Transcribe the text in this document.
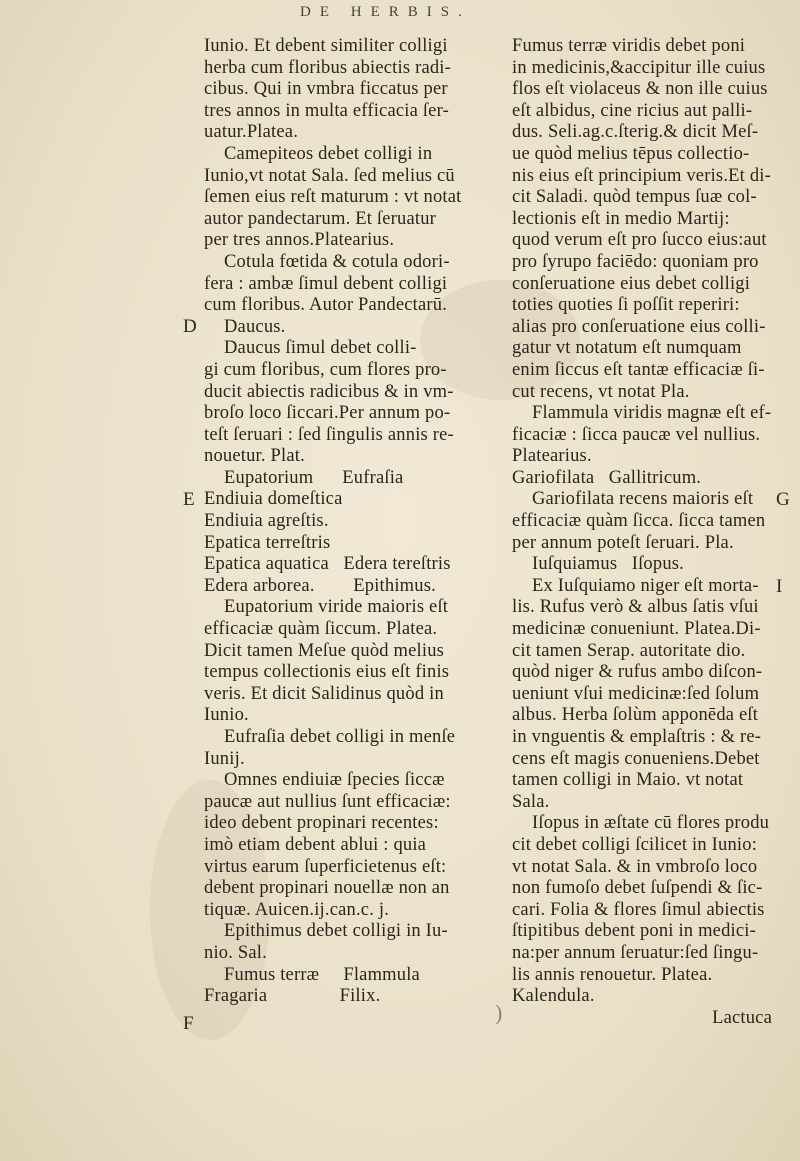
)
DE HERBIS.
D
E
F
G
I
Iunio. Et debent similiter colligi
herba cum floribus abiectis radi-
cibus. Qui in vmbra ficcatus per
tres annos in multa efficacia ſer-
uatur.Platea.
Camepiteos debet colligi in
Iunio,vt notat Sala. ſed melius cū
ſemen eius reſt maturum : vt notat
autor pandectarum. Et ſeruatur
per tres annos.Platearius.
Cotula fœtida & cotula odori-
fera : ambæ ſimul debent colligi
cum floribus. Autor Pandectarū.
Daucus.
Daucus ſimul debet colli-
gi cum floribus, cum flores pro-
ducit abiectis radicibus & in vm-
broſo loco ſiccari.Per annum po-
teſt ſeruari : ſed ſingulis annis re-
nouetur. Plat.
Eupatorium      Eufraſia
Endiuia domeſtica
Endiuia agreſtis.
Epatica terreſtris
Epatica aquatica   Edera tereſtris
Edera arborea.        Epithimus.
Eupatorium viride maioris eſt
efficaciæ quàm ſiccum. Platea.
Dicit tamen Meſue quòd melius
tempus collectionis eius eſt finis
veris. Et dicit Salidinus quòd in
Iunio.
Eufraſia debet colligi in menſe
Iunij.
Omnes endiuiæ ſpecies ſiccæ
paucæ aut nullius ſunt efficaciæ:
ideo debent propinari recentes:
imò etiam debent ablui : quia
virtus earum ſuperficietenus eſt:
debent propinari nouellæ non an
tiquæ. Auicen.ij.can.c. j.
Epithimus debet colligi in Iu-
nio. Sal.
Fumus terræ     Flammula
Fragaria               Filix.
Fumus terræ viridis debet poni
in medicinis,&accipitur ille cuius
flos eſt violaceus & non ille cuius
eſt albidus, cine ricius aut palli-
dus. Seli.ag.c.ſterig.& dicit Meſ-
ue quòd melius tēpus collectio-
nis eius eſt principium veris.Et di-
cit Saladi. quòd tempus ſuæ col-
lectionis eſt in medio Martij:
quod verum eſt pro ſucco eius:aut
pro ſyrupo faciēdo: quoniam pro
conſeruatione eius debet colligi
toties quoties ſi poſſit reperiri:
alias pro conſeruatione eius colli-
gatur vt notatum eſt numquam
enim ſiccus eſt tantæ efficaciæ ſi-
cut recens, vt notat Pla.
Flammula viridis magnæ eſt ef-
ficaciæ : ſicca paucæ vel nullius.
Platearius.
Gariofilata   Gallitricum.
Gariofilata recens maioris eſt
efficaciæ quàm ſicca. ſicca tamen
per annum poteſt ſeruari. Pla.
Iuſquiamus   Iſopus.
Ex Iuſquiamo niger eſt morta-
lis. Rufus verò & albus ſatis vſui
medicinæ conueniunt. Platea.Di-
cit tamen Serap. autoritate dio.
quòd niger & rufus ambo diſcon-
ueniunt vſui medicinæ:ſed ſolum
albus. Herba ſolùm apponēda eſt
in vnguentis & emplaſtris : & re-
cens eſt magis conueniens.Debet
tamen colligi in Maio. vt notat
Sala.
Iſopus in æſtate cū flores produ
cit debet colligi ſcilicet in Iunio:
vt notat Sala. & in vmbroſo loco
non fumoſo debet ſuſpendi & ſic-
cari. Folia & flores ſimul abiectis
ſtipitibus debent poni in medici-
na:per annum ſeruatur:ſed ſingu-
lis annis renouetur. Platea.
Kalendula.
Lactuca
